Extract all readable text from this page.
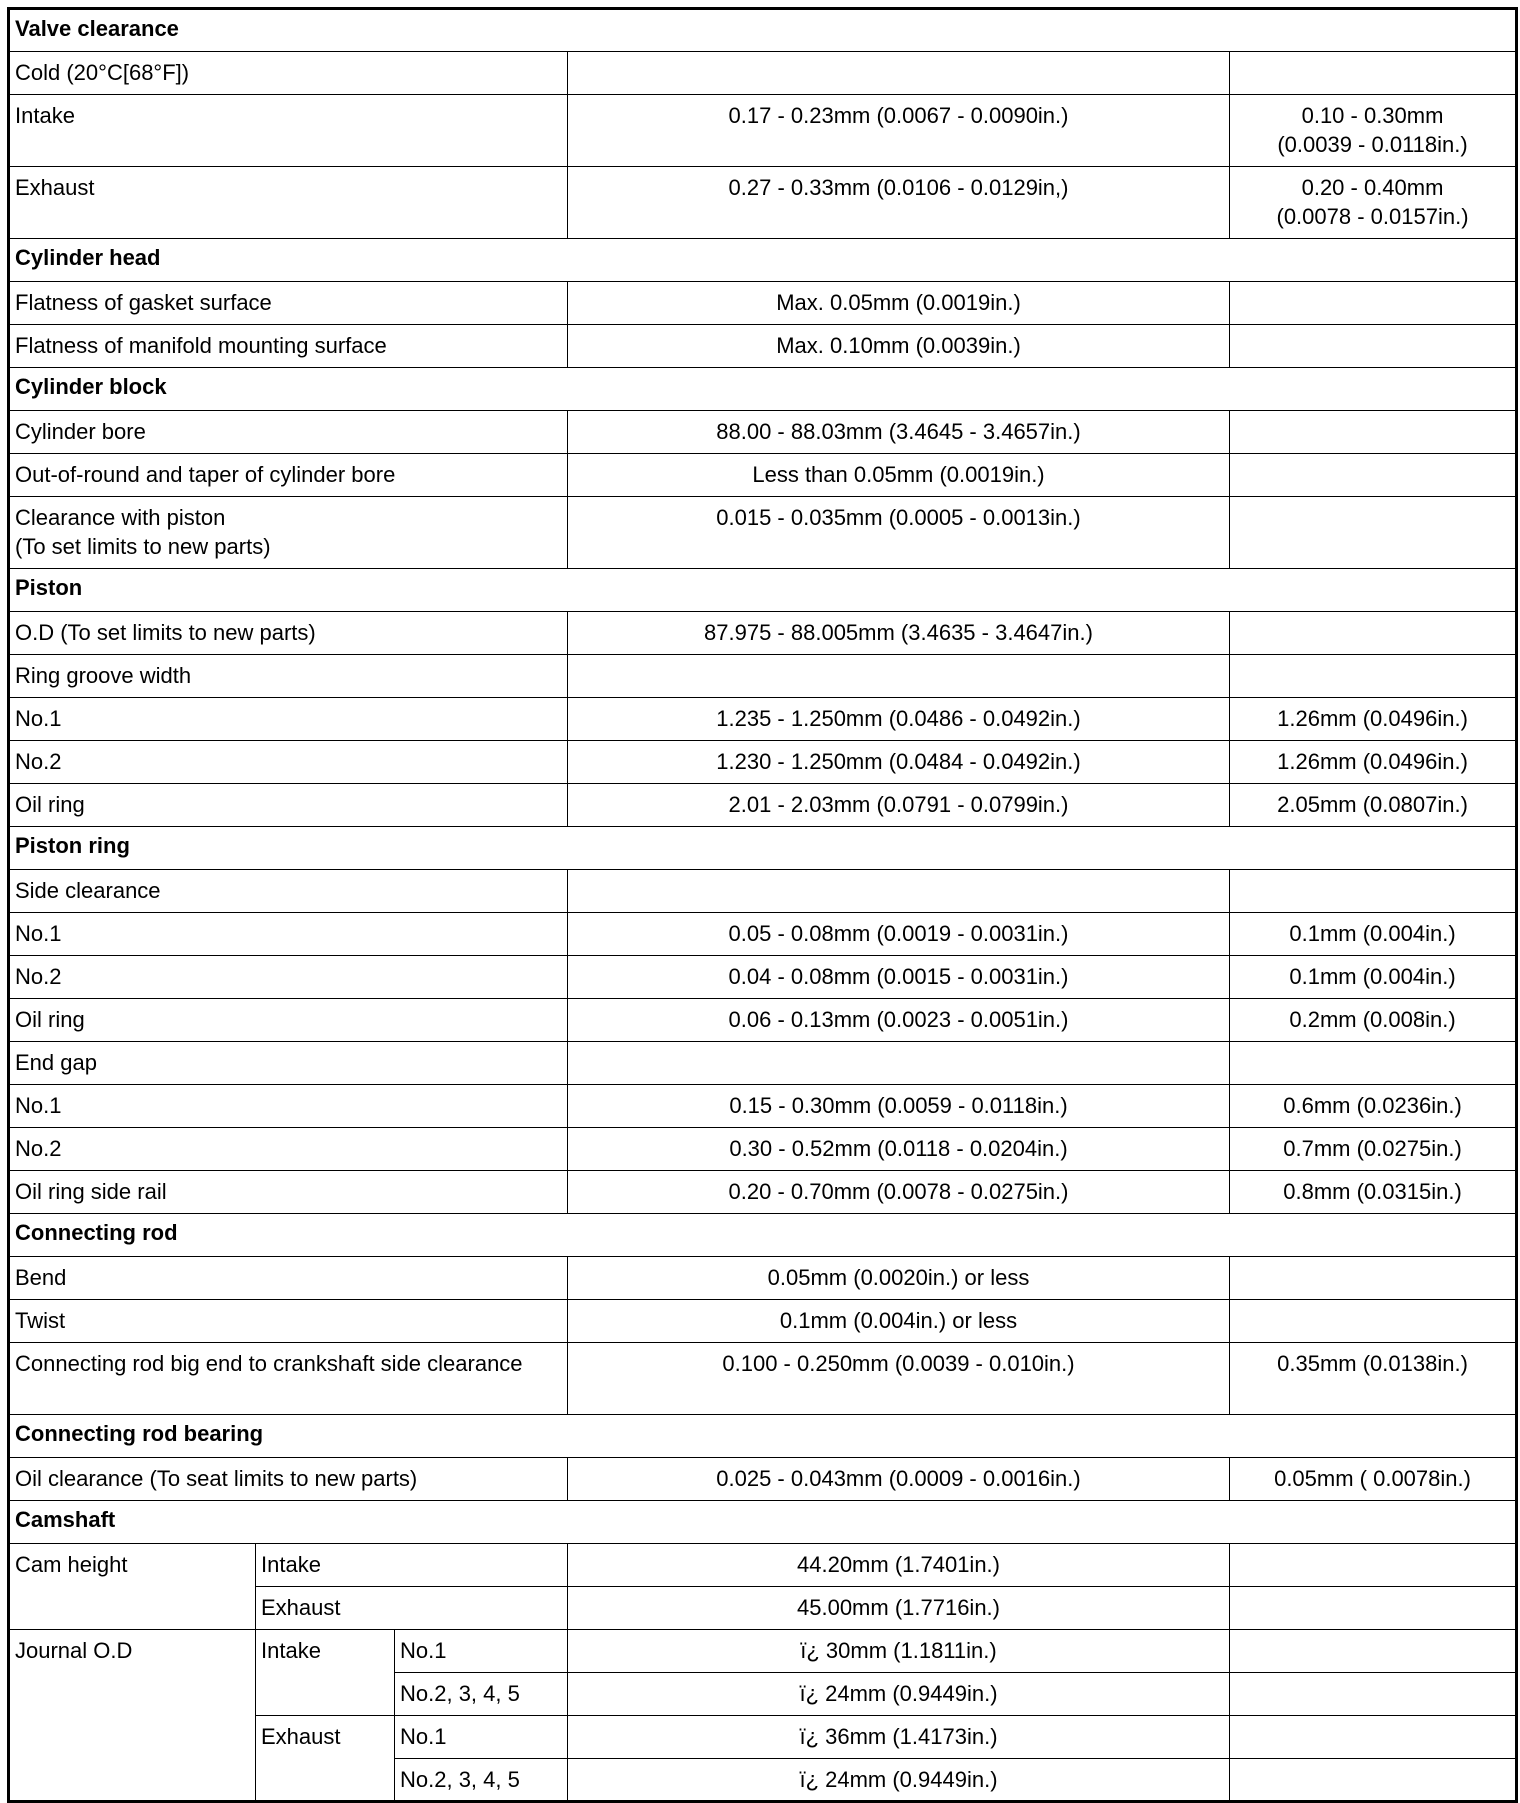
Valve clearance				
Cold (20°C[68°F])				
Intake			0.17 - 0.23mm (0.0067 - 0.0090in.)	0.10 - 0.30mm
(0.0039 - 0.0118in.)
Exhaust			0.27 - 0.33mm (0.0106 - 0.0129in,)	0.20 - 0.40mm
(0.0078 - 0.0157in.)
Cylinder head				
Flatness of gasket surface			Max. 0.05mm (0.0019in.)	
Flatness of manifold mounting surface			Max. 0.10mm (0.0039in.)	
Cylinder block				
Cylinder bore			88.00 - 88.03mm (3.4645 - 3.4657in.)	
Out-of-round and taper of cylinder bore			Less than 0.05mm (0.0019in.)	
Clearance with piston
(To set limits to new parts)			0.015 - 0.035mm (0.0005 - 0.0013in.)	
Piston				
O.D (To set limits to new parts)			87.975 - 88.005mm (3.4635 - 3.4647in.)	
Ring groove width				
No.1			1.235 - 1.250mm (0.0486 - 0.0492in.)	1.26mm (0.0496in.)
No.2			1.230 - 1.250mm (0.0484 - 0.0492in.)	1.26mm (0.0496in.)
Oil ring			2.01 - 2.03mm (0.0791 - 0.0799in.)	2.05mm (0.0807in.)
Piston ring				
Side clearance				
No.1			0.05 - 0.08mm (0.0019 - 0.0031in.)	0.1mm (0.004in.)
No.2			0.04 - 0.08mm (0.0015 - 0.0031in.)	0.1mm (0.004in.)
Oil ring			0.06 - 0.13mm (0.0023 - 0.0051in.)	0.2mm (0.008in.)
End gap				
No.1			0.15 - 0.30mm (0.0059 - 0.0118in.)	0.6mm (0.0236in.)
No.2			0.30 - 0.52mm (0.0118 - 0.0204in.)	0.7mm (0.0275in.)
Oil ring side rail			0.20 - 0.70mm (0.0078 - 0.0275in.)	0.8mm (0.0315in.)
Connecting rod				
Bend			0.05mm (0.0020in.) or less	
Twist			0.1mm (0.004in.) or less	
Connecting rod big end to crankshaft side clearance			0.100 - 0.250mm (0.0039 - 0.010in.)	0.35mm (0.0138in.)
Connecting rod bearing				
Oil clearance (To seat limits to new parts)			0.025 - 0.043mm (0.0009 - 0.0016in.)	0.05mm ( 0.0078in.)
Camshaft				
Cam height	Intake		44.20mm (1.7401in.)	
	Exhaust		45.00mm (1.7716in.)	
Journal O.D	Intake	No.1	ï¿ 30mm (1.1811in.)	
		No.2, 3, 4, 5	ï¿ 24mm (0.9449in.)	
	Exhaust	No.1	ï¿ 36mm (1.4173in.)	
		No.2, 3, 4, 5	ï¿ 24mm (0.9449in.)	
